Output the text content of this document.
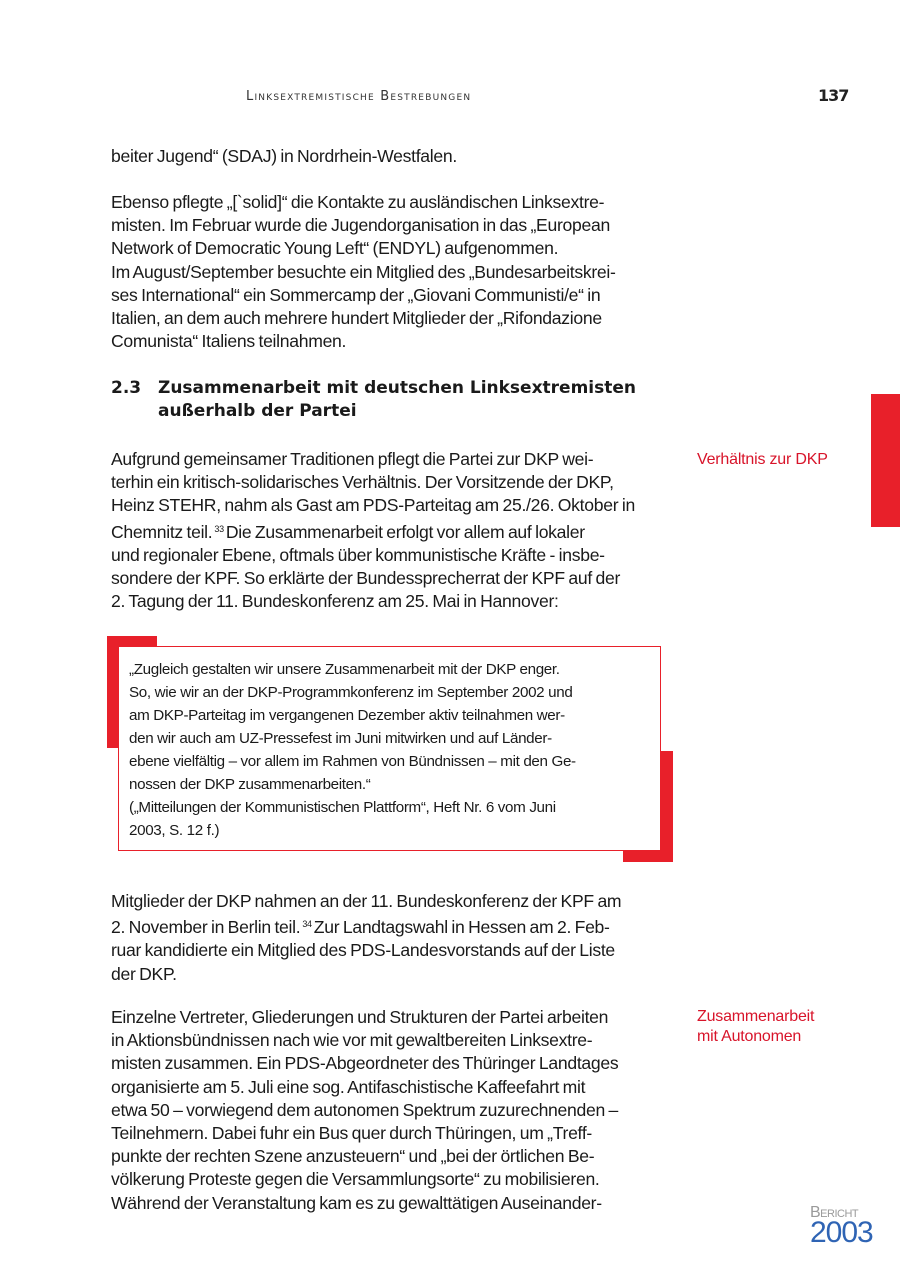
Linksextremistische Bestrebungen	137

beiter Jugend“ (SDAJ) in Nordrhein-Westfalen.

Ebenso pflegte „[`solid]“ die Kontakte zu ausländischen Linksextre-

misten. Im Februar wurde die Jugendorganisation in das „European

Network of Democratic Young Left“ (ENDYL) aufgenommen.

Im August/September besuchte ein Mitglied des „Bundesarbeitskrei-

ses International“ ein Sommercamp der „Giovani Communisti/e“ in

Italien, an dem auch mehrere hundert Mitglieder der „Rifondazione

Comunista“ Italiens teilnahmen.

2.3 Zusammenarbeit mit deutschen Linksextremisten
außerhalb der Partei
Verhältnis zur DKP

Aufgrund gemeinsamer Traditionen pflegt die Partei zur DKP wei-

terhin ein kritisch-solidarisches Verhältnis. Der Vorsitzende der DKP,

Heinz STEHR, nahm als Gast am PDS-Parteitag am 25./26. Oktober in

Chemnitz teil. $^{33}$ Die Zusammenarbeit erfolgt vor allem auf lokaler

und regionaler Ebene, oftmals über kommunistische Kräfte - insbe-

sondere der KPF. So erklärte der Bundessprecherrat der KPF auf der

2. Tagung der 11. Bundeskonferenz am 25. Mai in Hannover:

„Zugleich gestalten wir unsere Zusammenarbeit mit der DKP enger.

So, wie wir an der DKP-Programmkonferenz im September 2002 und

am DKP-Parteitag im vergangenen Dezember aktiv teilnahmen wer-

den wir auch am UZ-Pressefest im Juni mitwirken und auf Länder-

ebene vielfältig – vor allem im Rahmen von Bündnissen – mit den Ge-

nossen der DKP zusammenarbeiten.“

(„Mitteilungen der Kommunistischen Plattform“, Heft Nr. 6 vom Juni

2003, S. 12 f.)

Mitglieder der DKP nahmen an der 11. Bundeskonferenz der KPF am

2. November in Berlin teil. $^{34}$ Zur Landtagswahl in Hessen am 2. Feb-

ruar kandidierte ein Mitglied des PDS-Landesvorstands auf der Liste

der DKP.

Zusammenarbeit
mit Autonomen

Einzelne Vertreter, Gliederungen und Strukturen der Partei arbeiten

in Aktionsbündnissen nach wie vor mit gewaltbereiten Linksextre-

misten zusammen. Ein PDS-Abgeordneter des Thüringer Landtages

organisierte am 5. Juli eine sog. Antifaschistische Kaffeefahrt mit

etwa 50 – vorwiegend dem autonomen Spektrum zuzurechnenden –

Teilnehmern. Dabei fuhr ein Bus quer durch Thüringen, um „Treff-

punkte der rechten Szene anzusteuern“ und „bei der örtlichen Be-

völkerung Proteste gegen die Versammlungsorte“ zu mobilisieren.

Während der Veranstaltung kam es zu gewalttätigen Auseinander-	Bericht
2003
